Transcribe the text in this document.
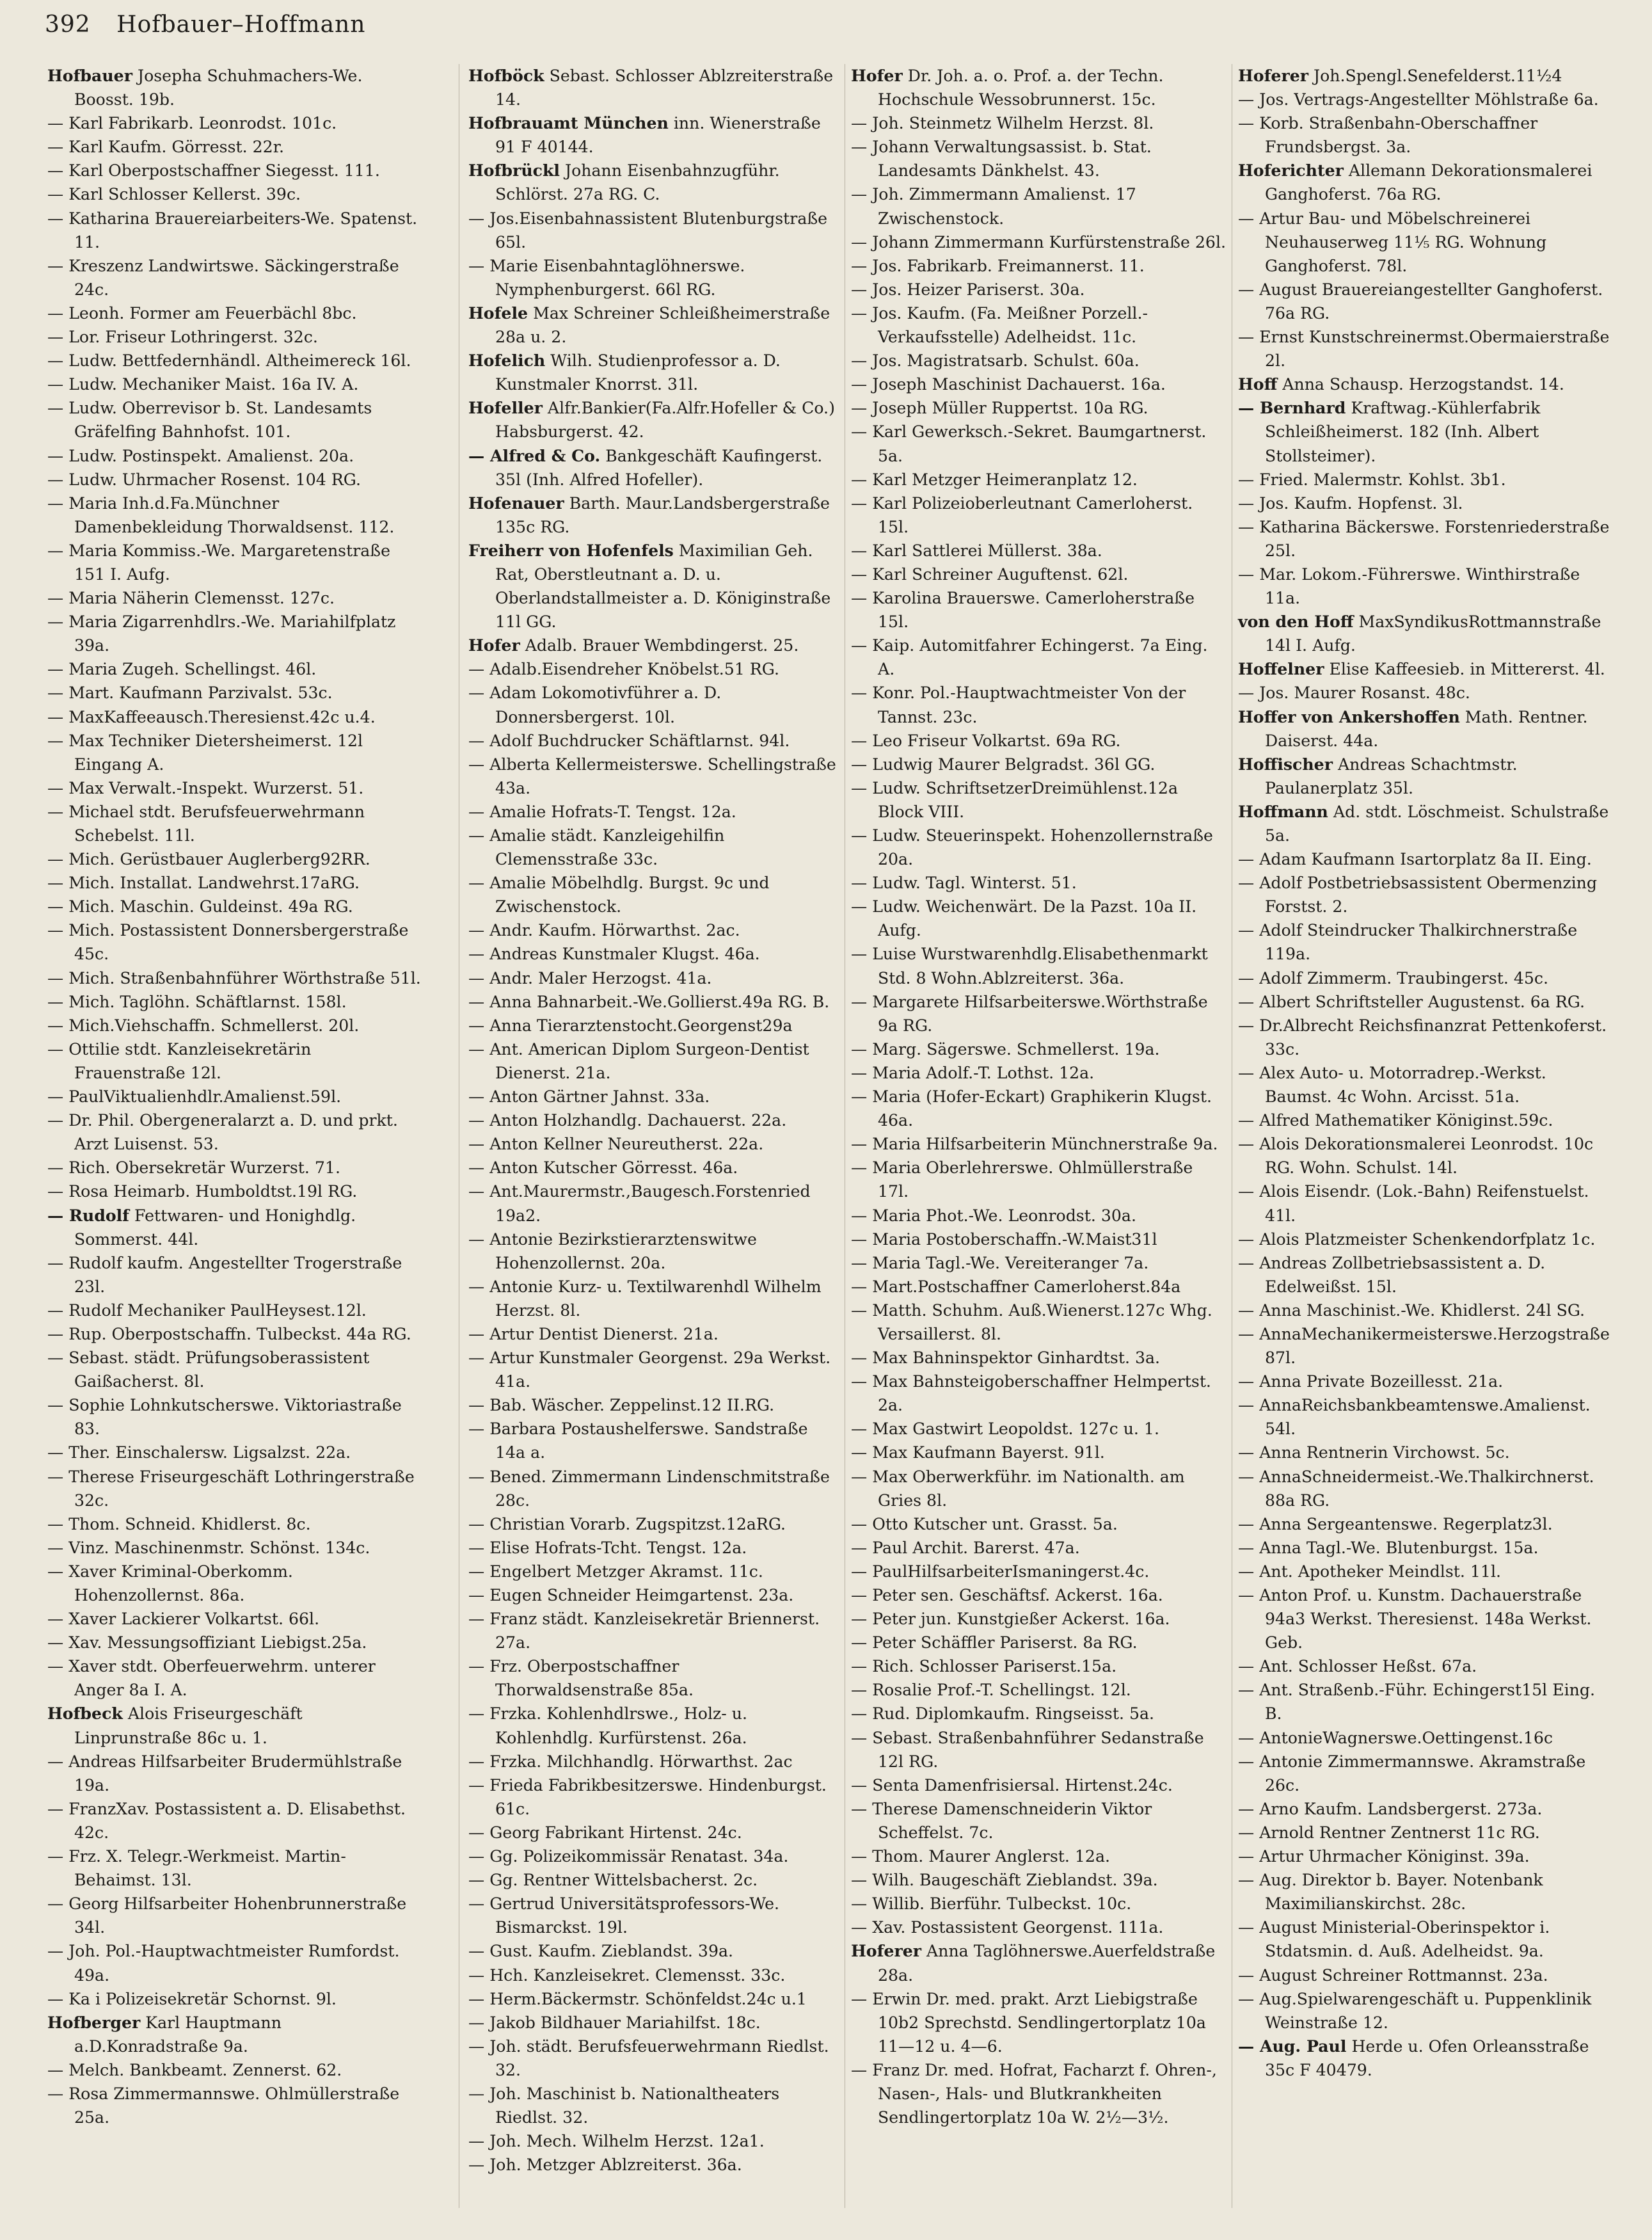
392 Hofbauer–Hoffmann
Hofbauer Josepha Schuhmachers-We. Boosst. 19b.
— Karl Fabrikarb. Leonrodst. 101c.
— Karl Kaufm. Görresst. 22r.
— Karl Oberpostschaffner Siegesst. 111.
— Karl Schlosser Kellerst. 39c.
— Katharina Brauereiarbeiters-We. Spatenst. 11.
— Kreszenz Landwirtswe. Säckingerstraße 24c.
— Leonh. Former am Feuerbächl 8bc.
— Lor. Friseur Lothringerst. 32c.
— Ludw. Bettfedernhändl. Altheimereck 16l.
— Ludw. Mechaniker Maist. 16a IV. A.
— Ludw. Oberrevisor b. St. Landesamts Gräfelfing Bahnhofst. 101.
— Ludw. Postinspekt. Amalienst. 20a.
— Ludw. Uhrmacher Rosenst. 104 RG.
— Maria Inh.d.Fa.Münchner Damenbekleidung Thorwaldsenst. 112.
— Maria Kommiss.-We. Margaretenstraße 151 I. Aufg.
— Maria Näherin Clemensst. 127c.
— Maria Zigarrenhdlrs.-We. Mariahilfplatz 39a.
— Maria Zugeh. Schellingst. 46l.
— Mart. Kaufmann Parzivalst. 53c.
— MaxKaffeeausch.Theresienst.42c u.4.
— Max Techniker Dietersheimerst. 12l Eingang A.
— Max Verwalt.-Inspekt. Wurzerst. 51.
— Michael stdt. Berufsfeuerwehrmann Schebelst. 11l.
— Mich. Gerüstbauer Auglerberg92RR.
— Mich. Installat. Landwehrst.17aRG.
— Mich. Maschin. Guldeinst. 49a RG.
— Mich. Postassistent Donnersbergerstraße 45c.
— Mich. Straßenbahnführer Wörthstraße 51l.
— Mich. Taglöhn. Schäftlarnst. 158l.
— Mich.Viehschaffn. Schmellerst. 20l.
— Ottilie stdt. Kanzleisekretärin Frauenstraße 12l.
— PaulViktualienhdlr.Amalienst.59l.
— Dr. Phil. Obergeneralarzt a. D. und prkt. Arzt Luisenst. 53.
— Rich. Obersekretär Wurzerst. 71.
— Rosa Heimarb. Humboldtst.19l RG.
— Rudolf Fettwaren- und Honighdlg. Sommerst. 44l.
— Rudolf kaufm. Angestellter Trogerstraße 23l.
— Rudolf Mechaniker PaulHeysest.12l.
— Rup. Oberpostschaffn. Tulbeckst. 44a RG.
— Sebast. städt. Prüfungsoberassistent Gaißacherst. 8l.
— Sophie Lohnkutscherswe. Viktoriastraße 83.
— Ther. Einschalersw. Ligsalzst. 22a.
— Therese Friseurgeschäft Lothringerstraße 32c.
— Thom. Schneid. Khidlerst. 8c.
— Vinz. Maschinenmstr. Schönst. 134c.
— Xaver Kriminal-Oberkomm. Hohenzollernst. 86a.
— Xaver Lackierer Volkartst. 66l.
— Xav. Messungsoffiziant Liebigst.25a.
— Xaver stdt. Oberfeuerwehrm. unterer Anger 8a I. A.
Hofbeck Alois Friseurgeschäft Linprunstraße 86c u. 1.
— Andreas Hilfsarbeiter Brudermühlstraße 19a.
— FranzXav. Postassistent a. D. Elisabethst. 42c.
— Frz. X. Telegr.-Werkmeist. Martin-Behaimst. 13l.
— Georg Hilfsarbeiter Hohenbrunnerstraße 34l.
— Joh. Pol.-Hauptwachtmeister Rumfordst. 49a.
— Ka i Polizeisekretär Schornst. 9l.
Hofberger Karl Hauptmann a.D.Konradstraße 9a.
— Melch. Bankbeamt. Zennerst. 62.
— Rosa Zimmermannswe. Ohlmüllerstraße 25a.
Hofböck Sebast. Schlosser Ablzreiterstraße 14.
Hofbrauamt München inn. Wienerstraße 91 F 40144.
Hofbrückl Johann Eisenbahnzugführ. Schlörst. 27a RG. C.
— Jos.Eisenbahnassistent Blutenburgstraße 65l.
— Marie Eisenbahntaglöhnerswe. Nymphenburgerst. 66l RG.
Hofele Max Schreiner Schleißheimerstraße 28a u. 2.
Hofelich Wilh. Studienprofessor a. D. Kunstmaler Knorrst. 31l.
Hofeller Alfr.Bankier(Fa.Alfr.Hofeller & Co.) Habsburgerst. 42.
— Alfred & Co. Bankgeschäft Kaufingerst. 35l (Inh. Alfred Hofeller).
Hofenauer Barth. Maur.Landsbergerstraße 135c RG.
Freiherr von Hofenfels Maximilian Geh. Rat, Oberstleutnant a. D. u. Oberlandstallmeister a. D. Königinstraße 11l GG.
Hofer Adalb. Brauer Wembdingerst. 25.
— Adalb.Eisendreher Knöbelst.51 RG.
— Adam Lokomotivführer a. D. Donnersbergerst. 10l.
— Adolf Buchdrucker Schäftlarnst. 94l.
— Alberta Kellermeisterswe. Schellingstraße 43a.
— Amalie Hofrats-T. Tengst. 12a.
— Amalie städt. Kanzleigehilfin Clemensstraße 33c.
— Amalie Möbelhdlg. Burgst. 9c und Zwischenstock.
— Andr. Kaufm. Hörwarthst. 2ac.
— Andreas Kunstmaler Klugst. 46a.
— Andr. Maler Herzogst. 41a.
— Anna Bahnarbeit.-We.Gollierst.49a RG. B.
— Anna Tierarztenstocht.Georgenst29a
— Ant. American Diplom Surgeon-Dentist Dienerst. 21a.
— Anton Gärtner Jahnst. 33a.
— Anton Holzhandlg. Dachauerst. 22a.
— Anton Kellner Neureutherst. 22a.
— Anton Kutscher Görresst. 46a.
— Ant.Maurermstr.,Baugesch.Forstenried 19a2.
— Antonie Bezirkstierarztenswitwe Hohenzollernst. 20a.
— Antonie Kurz- u. Textilwarenhdl Wilhelm Herzst. 8l.
— Artur Dentist Dienerst. 21a.
— Artur Kunstmaler Georgenst. 29a Werkst. 41a.
— Bab. Wäscher. Zeppelinst.12 II.RG.
— Barbara Postaushelferswe. Sandstraße 14a a.
— Bened. Zimmermann Lindenschmitstraße 28c.
— Christian Vorarb. Zugspitzst.12aRG.
— Elise Hofrats-Tcht. Tengst. 12a.
— Engelbert Metzger Akramst. 11c.
— Eugen Schneider Heimgartenst. 23a.
— Franz städt. Kanzleisekretär Briennerst. 27a.
— Frz. Oberpostschaffner Thorwaldsenstraße 85a.
— Frzka. Kohlenhdlrswe., Holz- u. Kohlenhdlg. Kurfürstenst. 26a.
— Frzka. Milchhandlg. Hörwarthst. 2ac
— Frieda Fabrikbesitzerswe. Hindenburgst. 61c.
— Georg Fabrikant Hirtenst. 24c.
— Gg. Polizeikommissär Renatast. 34a.
— Gg. Rentner Wittelsbacherst. 2c.
— Gertrud Universitätsprofessors-We. Bismarckst. 19l.
— Gust. Kaufm. Zieblandst. 39a.
— Hch. Kanzleisekret. Clemensst. 33c.
— Herm.Bäckermstr. Schönfeldst.24c u.1
— Jakob Bildhauer Mariahilfst. 18c.
— Joh. städt. Berufsfeuerwehrmann Riedlst. 32.
— Joh. Maschinist b. Nationaltheaters Riedlst. 32.
— Joh. Mech. Wilhelm Herzst. 12a1.
— Joh. Metzger Ablzreiterst. 36a.
Hofer Dr. Joh. a. o. Prof. a. der Techn. Hochschule Wessobrunnerst. 15c.
— Joh. Steinmetz Wilhelm Herzst. 8l.
— Johann Verwaltungsassist. b. Stat. Landesamts Dänkhelst. 43.
— Joh. Zimmermann Amalienst. 17 Zwischenstock.
— Johann Zimmermann Kurfürstenstraße 26l.
— Jos. Fabrikarb. Freimannerst. 11.
— Jos. Heizer Pariserst. 30a.
— Jos. Kaufm. (Fa. Meißner Porzell.-Verkaufsstelle) Adelheidst. 11c.
— Jos. Magistratsarb. Schulst. 60a.
— Joseph Maschinist Dachauerst. 16a.
— Joseph Müller Ruppertst. 10a RG.
— Karl Gewerksch.-Sekret. Baumgartnerst. 5a.
— Karl Metzger Heimeranplatz 12.
— Karl Polizeioberleutnant Camerloherst. 15l.
— Karl Sattlerei Müllerst. 38a.
— Karl Schreiner Auguftenst. 62l.
— Karolina Brauerswe. Camerloherstraße 15l.
— Kaip. Automitfahrer Echingerst. 7a Eing. A.
— Konr. Pol.-Hauptwachtmeister Von der Tannst. 23c.
— Leo Friseur Volkartst. 69a RG.
— Ludwig Maurer Belgradst. 36l GG.
— Ludw. SchriftsetzerDreimühlenst.12a Block VIII.
— Ludw. Steuerinspekt. Hohenzollernstraße 20a.
— Ludw. Tagl. Winterst. 51.
— Ludw. Weichenwärt. De la Pazst. 10a II. Aufg.
— Luise Wurstwarenhdlg.Elisabethenmarkt Std. 8 Wohn.Ablzreiterst. 36a.
— Margarete Hilfsarbeiterswe.Wörthstraße 9a RG.
— Marg. Sägerswe. Schmellerst. 19a.
— Maria Adolf.-T. Lothst. 12a.
— Maria (Hofer-Eckart) Graphikerin Klugst. 46a.
— Maria Hilfsarbeiterin Münchnerstraße 9a.
— Maria Oberlehrerswe. Ohlmüllerstraße 17l.
— Maria Phot.-We. Leonrodst. 30a.
— Maria Postoberschaffn.-W.Maist31l
— Maria Tagl.-We. Vereiteranger 7a.
— Mart.Postschaffner Camerloherst.84a
— Matth. Schuhm. Auß.Wienerst.127c Whg. Versaillerst. 8l.
— Max Bahninspektor Ginhardtst. 3a.
— Max Bahnsteigoberschaffner Helmpertst. 2a.
— Max Gastwirt Leopoldst. 127c u. 1.
— Max Kaufmann Bayerst. 91l.
— Max Oberwerkführ. im Nationalth. am Gries 8l.
— Otto Kutscher unt. Grasst. 5a.
— Paul Archit. Barerst. 47a.
— PaulHilfsarbeiterIsmaningerst.4c.
— Peter sen. Geschäftsf. Ackerst. 16a.
— Peter jun. Kunstgießer Ackerst. 16a.
— Peter Schäffler Pariserst. 8a RG.
— Rich. Schlosser Pariserst.15a.
— Rosalie Prof.-T. Schellingst. 12l.
— Rud. Diplomkaufm. Ringseisst. 5a.
— Sebast. Straßenbahnführer Sedanstraße 12l RG.
— Senta Damenfrisiersal. Hirtenst.24c.
— Therese Damenschneiderin Viktor Scheffelst. 7c.
— Thom. Maurer Anglerst. 12a.
— Wilh. Baugeschäft Zieblandst. 39a.
— Willib. Bierführ. Tulbeckst. 10c.
— Xav. Postassistent Georgenst. 111a.
Hoferer Anna Taglöhnerswe.Auerfeldstraße 28a.
— Erwin Dr. med. prakt. Arzt Liebigstraße 10b2 Sprechstd. Sendlingertorplatz 10a 11—12 u. 4—6.
— Franz Dr. med. Hofrat, Facharzt f. Ohren-, Nasen-, Hals- und Blutkrankheiten Sendlingertorplatz 10a W. 2½—3½.
Hoferer Joh.Spengl.Senefelderst.11½4
— Jos. Vertrags-Angestellter Möhlstraße 6a.
— Korb. Straßenbahn-Oberschaffner Frundsbergst. 3a.
Hoferichter Allemann Dekorationsmalerei Ganghoferst. 76a RG.
— Artur Bau- und Möbelschreinerei Neuhauserweg 11⅕ RG. Wohnung Ganghoferst. 78l.
— August Brauereiangestellter Ganghoferst. 76a RG.
— Ernst Kunstschreinermst.Obermaierstraße 2l.
Hoff Anna Schausp. Herzogstandst. 14.
— Bernhard Kraftwag.-Kühlerfabrik Schleißheimerst. 182 (Inh. Albert Stollsteimer).
— Fried. Malermstr. Kohlst. 3b1.
— Jos. Kaufm. Hopfenst. 3l.
— Katharina Bäckerswe. Forstenriederstraße 25l.
— Mar. Lokom.-Führerswe. Winthirstraße 11a.
von den Hoff MaxSyndikusRottmannstraße 14l I. Aufg.
Hoffelner Elise Kaffeesieb. in Mittererst. 4l.
— Jos. Maurer Rosanst. 48c.
Hoffer von Ankershoffen Math. Rentner. Daiserst. 44a.
Hoffischer Andreas Schachtmstr. Paulanerplatz 35l.
Hoffmann Ad. stdt. Löschmeist. Schulstraße 5a.
— Adam Kaufmann Isartorplatz 8a II. Eing.
— Adolf Postbetriebsassistent Obermenzing Forstst. 2.
— Adolf Steindrucker Thalkirchnerstraße 119a.
— Adolf Zimmerm. Traubingerst. 45c.
— Albert Schriftsteller Augustenst. 6a RG.
— Dr.Albrecht Reichsfinanzrat Pettenkoferst. 33c.
— Alex Auto- u. Motorradrep.-Werkst. Baumst. 4c Wohn. Arcisst. 51a.
— Alfred Mathematiker Königinst.59c.
— Alois Dekorationsmalerei Leonrodst. 10c RG. Wohn. Schulst. 14l.
— Alois Eisendr. (Lok.-Bahn) Reifenstuelst. 41l.
— Alois Platzmeister Schenkendorfplatz 1c.
— Andreas Zollbetriebsassistent a. D. Edelweißst. 15l.
— Anna Maschinist.-We. Khidlerst. 24l SG.
— AnnaMechanikermeisterswe.Herzogstraße 87l.
— Anna Private Bozeillesst. 21a.
— AnnaReichsbankbeamtenswe.Amalienst. 54l.
— Anna Rentnerin Virchowst. 5c.
— AnnaSchneidermeist.-We.Thalkirchnerst. 88a RG.
— Anna Sergeantenswe. Regerplatz3l.
— Anna Tagl.-We. Blutenburgst. 15a.
— Ant. Apotheker Meindlst. 11l.
— Anton Prof. u. Kunstm. Dachauerstraße 94a3 Werkst. Theresienst. 148a Werkst. Geb.
— Ant. Schlosser Heßst. 67a.
— Ant. Straßenb.-Führ. Echingerst15l Eing. B.
— AntonieWagnerswe.Oettingenst.16c
— Antonie Zimmermannswe. Akramstraße 26c.
— Arno Kaufm. Landsbergerst. 273a.
— Arnold Rentner Zentnerst 11c RG.
— Artur Uhrmacher Königinst. 39a.
— Aug. Direktor b. Bayer. Notenbank Maximilianskirchst. 28c.
— August Ministerial-Oberinspektor i. Stdatsmin. d. Auß. Adelheidst. 9a.
— August Schreiner Rottmannst. 23a.
— Aug.Spielwarengeschäft u. Puppenklinik Weinstraße 12.
— Aug. Paul Herde u. Ofen Orleansstraße 35c F 40479.
